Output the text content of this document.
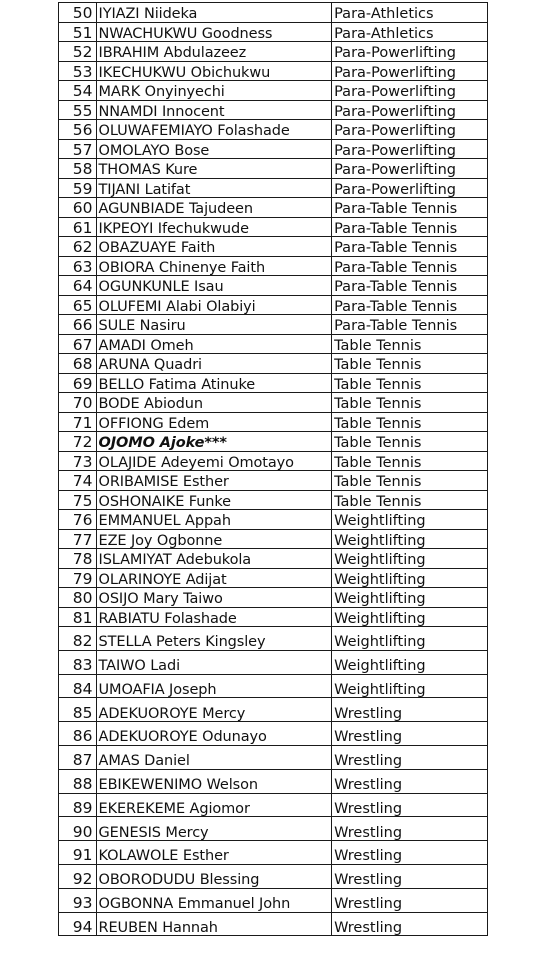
50	IYIAZI Niideka	Para-Athletics
51	NWACHUKWU Goodness	Para-Athletics
52	IBRAHIM Abdulazeez	Para-Powerlifting
53	IKECHUKWU Obichukwu	Para-Powerlifting
54	MARK Onyinyechi	Para-Powerlifting
55	NNAMDI Innocent	Para-Powerlifting
56	OLUWAFEMIAYO Folashade	Para-Powerlifting
57	OMOLAYO Bose	Para-Powerlifting
58	THOMAS Kure	Para-Powerlifting
59	TIJANI Latifat	Para-Powerlifting
60	AGUNBIADE Tajudeen	Para-Table Tennis
61	IKPEOYI Ifechukwude	Para-Table Tennis
62	OBAZUAYE Faith	Para-Table Tennis
63	OBIORA Chinenye Faith	Para-Table Tennis
64	OGUNKUNLE Isau	Para-Table Tennis
65	OLUFEMI Alabi Olabiyi	Para-Table Tennis
66	SULE Nasiru	Para-Table Tennis
67	AMADI Omeh	Table Tennis
68	ARUNA Quadri	Table Tennis
69	BELLO Fatima Atinuke	Table Tennis
70	BODE Abiodun	Table Tennis
71	OFFIONG Edem	Table Tennis
72	OJOMO Ajoke***	Table Tennis
73	OLAJIDE Adeyemi Omotayo	Table Tennis
74	ORIBAMISE Esther	Table Tennis
75	OSHONAIKE Funke	Table Tennis
76	EMMANUEL Appah	Weightlifting
77	EZE Joy Ogbonne	Weightlifting
78	ISLAMIYAT Adebukola	Weightlifting
79	OLARINOYE Adijat	Weightlifting
80	OSIJO Mary Taiwo	Weightlifting
81	RABIATU Folashade	Weightlifting
82	STELLA Peters Kingsley	Weightlifting
83	TAIWO Ladi	Weightlifting
84	UMOAFIA Joseph	Weightlifting
85	ADEKUOROYE Mercy	Wrestling
86	ADEKUOROYE Odunayo	Wrestling
87	AMAS Daniel	Wrestling
88	EBIKEWENIMO Welson	Wrestling
89	EKEREKEME Agiomor	Wrestling
90	GENESIS Mercy	Wrestling
91	KOLAWOLE Esther	Wrestling
92	OBORODUDU Blessing	Wrestling
93	OGBONNA Emmanuel John	Wrestling
94	REUBEN Hannah	Wrestling
